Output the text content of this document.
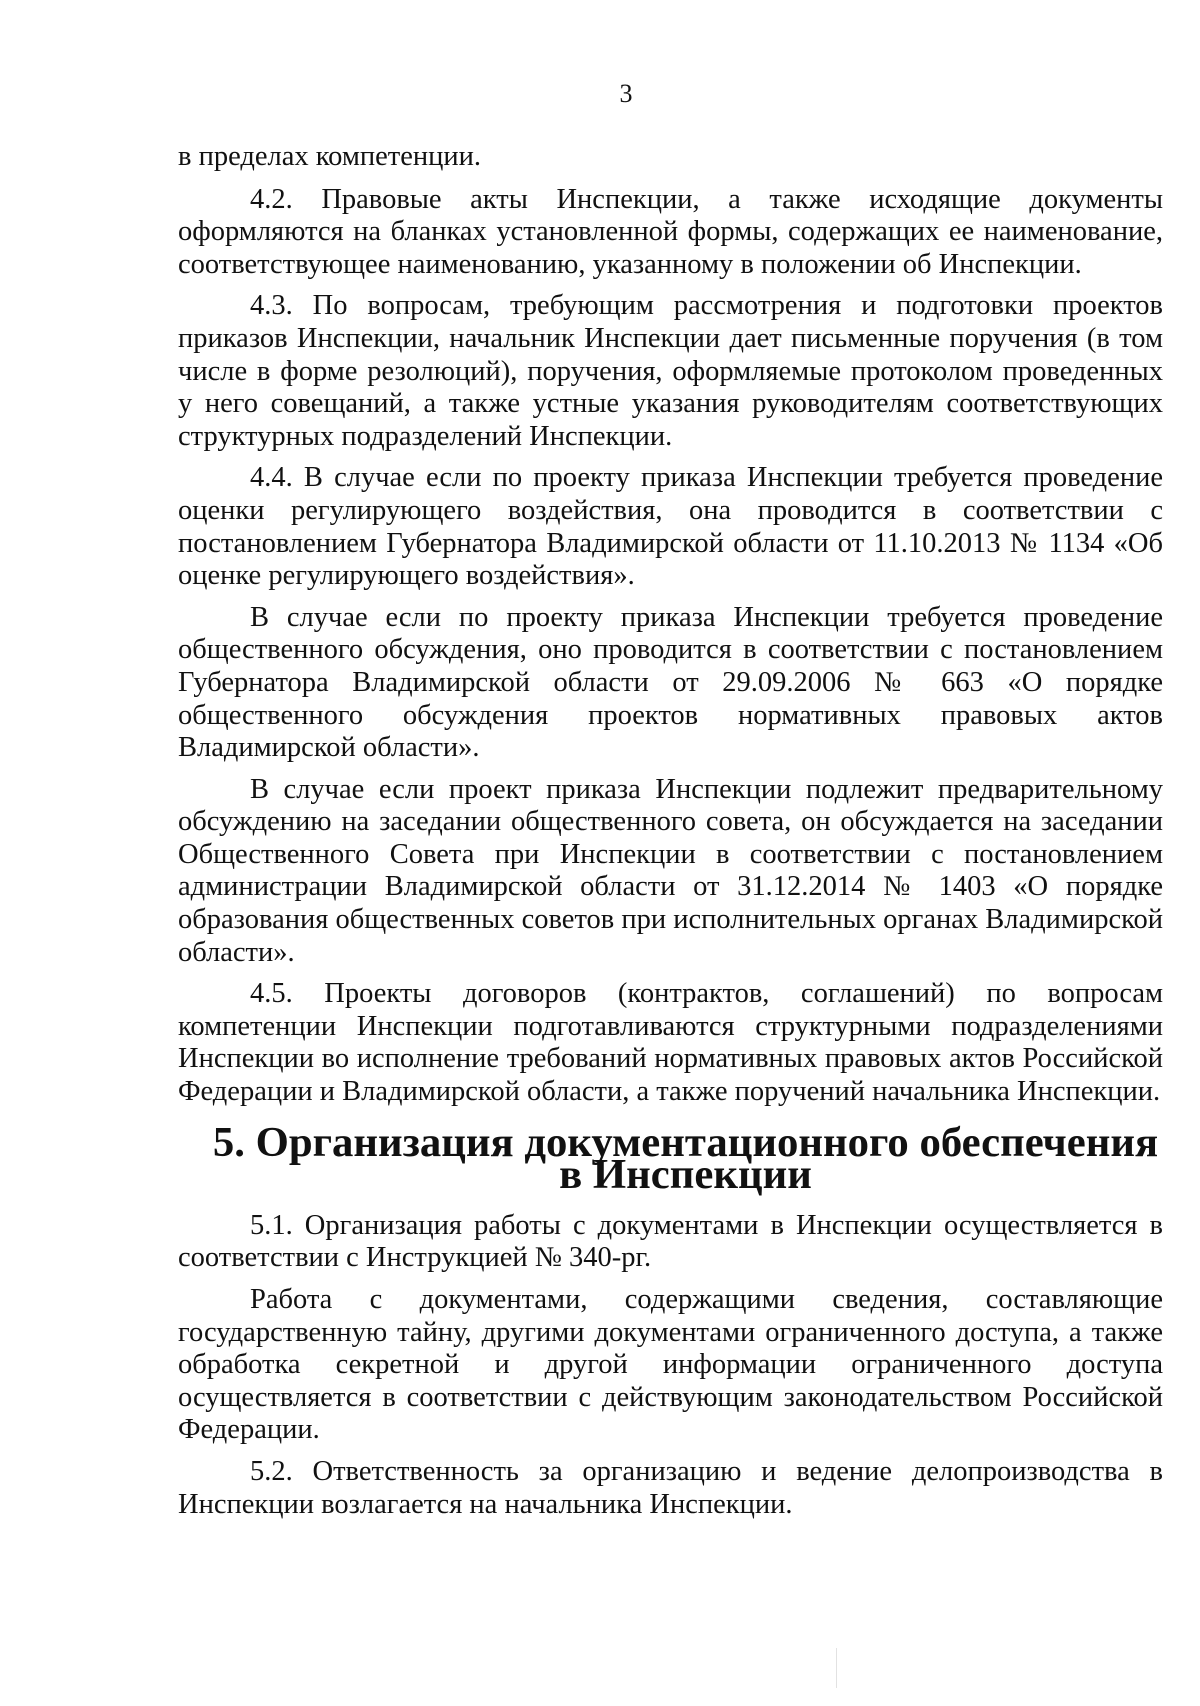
3

в пределах компетенции.

4.2. Правовые акты Инспекции, а также исходящие документы оформляются на бланках установленной формы, содержащих ее наименование, соответствующее наименованию, указанному в положении об Инспекции.

4.3. По вопросам, требующим рассмотрения и подготовки проектов приказов Инспекции, начальник Инспекции дает письменные поручения (в том числе в форме резолюций), поручения, оформляемые протоколом проведенных у него совещаний, а также устные указания руководителям соответствующих структурных подразделений Инспекции.

4.4. В случае если по проекту приказа Инспекции требуется проведение оценки регулирующего воздействия, она проводится в соответствии с постановлением Губернатора Владимирской области от 11.10.2013 № 1134 «Об оценке регулирующего воздействия».

В случае если по проекту приказа Инспекции требуется проведение общественного обсуждения, оно проводится в соответствии с постановлением Губернатора Владимирской области от 29.09.2006 № 663 «О порядке общественного обсуждения проектов нормативных правовых актов Владимирской области».

В случае если проект приказа Инспекции подлежит предварительному обсуждению на заседании общественного совета, он обсуждается на заседании Общественного Совета при Инспекции в соответствии с постановлением администрации Владимирской области от 31.12.2014 № 1403 «О порядке образования общественных советов при исполнительных органах Владимирской области».

4.5. Проекты договоров (контрактов, соглашений) по вопросам компетенции Инспекции подготавливаются структурными подразделениями Инспекции во исполнение требований нормативных правовых актов Российской Федерации и Владимирской области, а также поручений начальника Инспекции.

5. Организация документационного обеспечения в Инспекции

5.1. Организация работы с документами в Инспекции осуществляется в соответствии с Инструкцией № 340-рг.

Работа с документами, содержащими сведения, составляющие государственную тайну, другими документами ограниченного доступа, а также обработка секретной и другой информации ограниченного доступа осуществляется в соответствии с действующим законодательством Российской Федерации.

5.2. Ответственность за организацию и ведение делопроизводства в Инспекции возлагается на начальника Инспекции.
